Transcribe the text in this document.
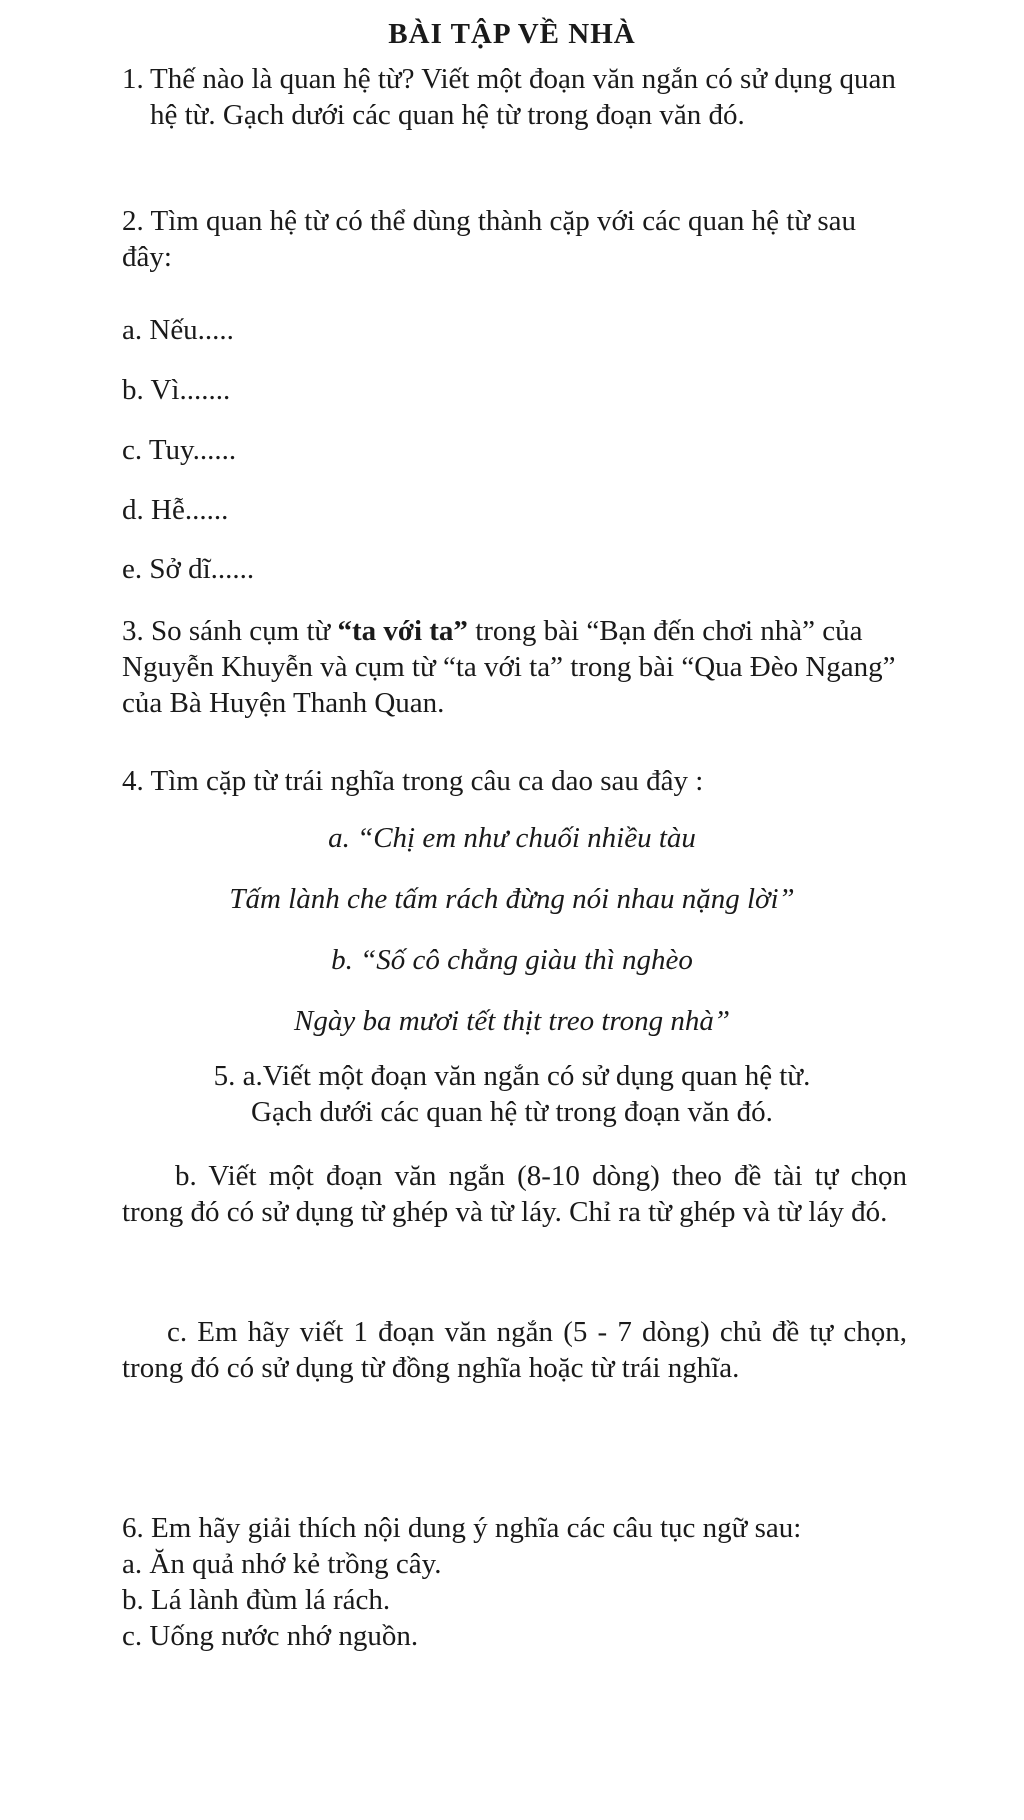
BÀI TẬP VỀ NHÀ

1. Thế nào là quan hệ từ? Viết một đoạn văn ngắn có sử dụng quan hệ từ. Gạch dưới các quan hệ từ trong đoạn văn đó.

2. Tìm quan hệ từ có thể dùng thành cặp với các quan hệ từ sau đây:

a. Nếu.....

b. Vì.......

c. Tuy......

d. Hễ......

e. Sở dĩ......

3. So sánh cụm từ “ta với ta” trong bài “Bạn đến chơi nhà” của Nguyễn Khuyễn và cụm từ “ta với ta” trong bài “Qua Đèo Ngang” của Bà Huyện Thanh Quan.

4. Tìm cặp từ trái nghĩa trong câu ca dao sau đây :

a. “Chị em như chuối nhiều tàu

Tấm lành che tấm rách đừng nói nhau nặng lời”

b. “Số cô chẳng giàu thì nghèo

Ngày ba mươi tết thịt treo trong nhà”

5. a.Viết một đoạn văn ngắn có sử dụng quan hệ từ.
Gạch dưới các quan hệ từ trong đoạn văn đó.

b. Viết một đoạn văn ngắn (8-10 dòng) theo đề tài tự chọn trong đó có sử dụng từ ghép và từ láy. Chỉ ra từ ghép và từ láy đó.

c. Em hãy viết 1 đoạn văn ngắn (5 - 7 dòng) chủ đề tự chọn, trong đó có sử dụng từ đồng nghĩa hoặc từ trái nghĩa.

6. Em hãy giải thích nội dung ý nghĩa các câu tục ngữ sau:
a. Ăn quả nhớ kẻ trồng cây.
b. Lá lành đùm lá rách.
c. Uống nước nhớ nguồn.
